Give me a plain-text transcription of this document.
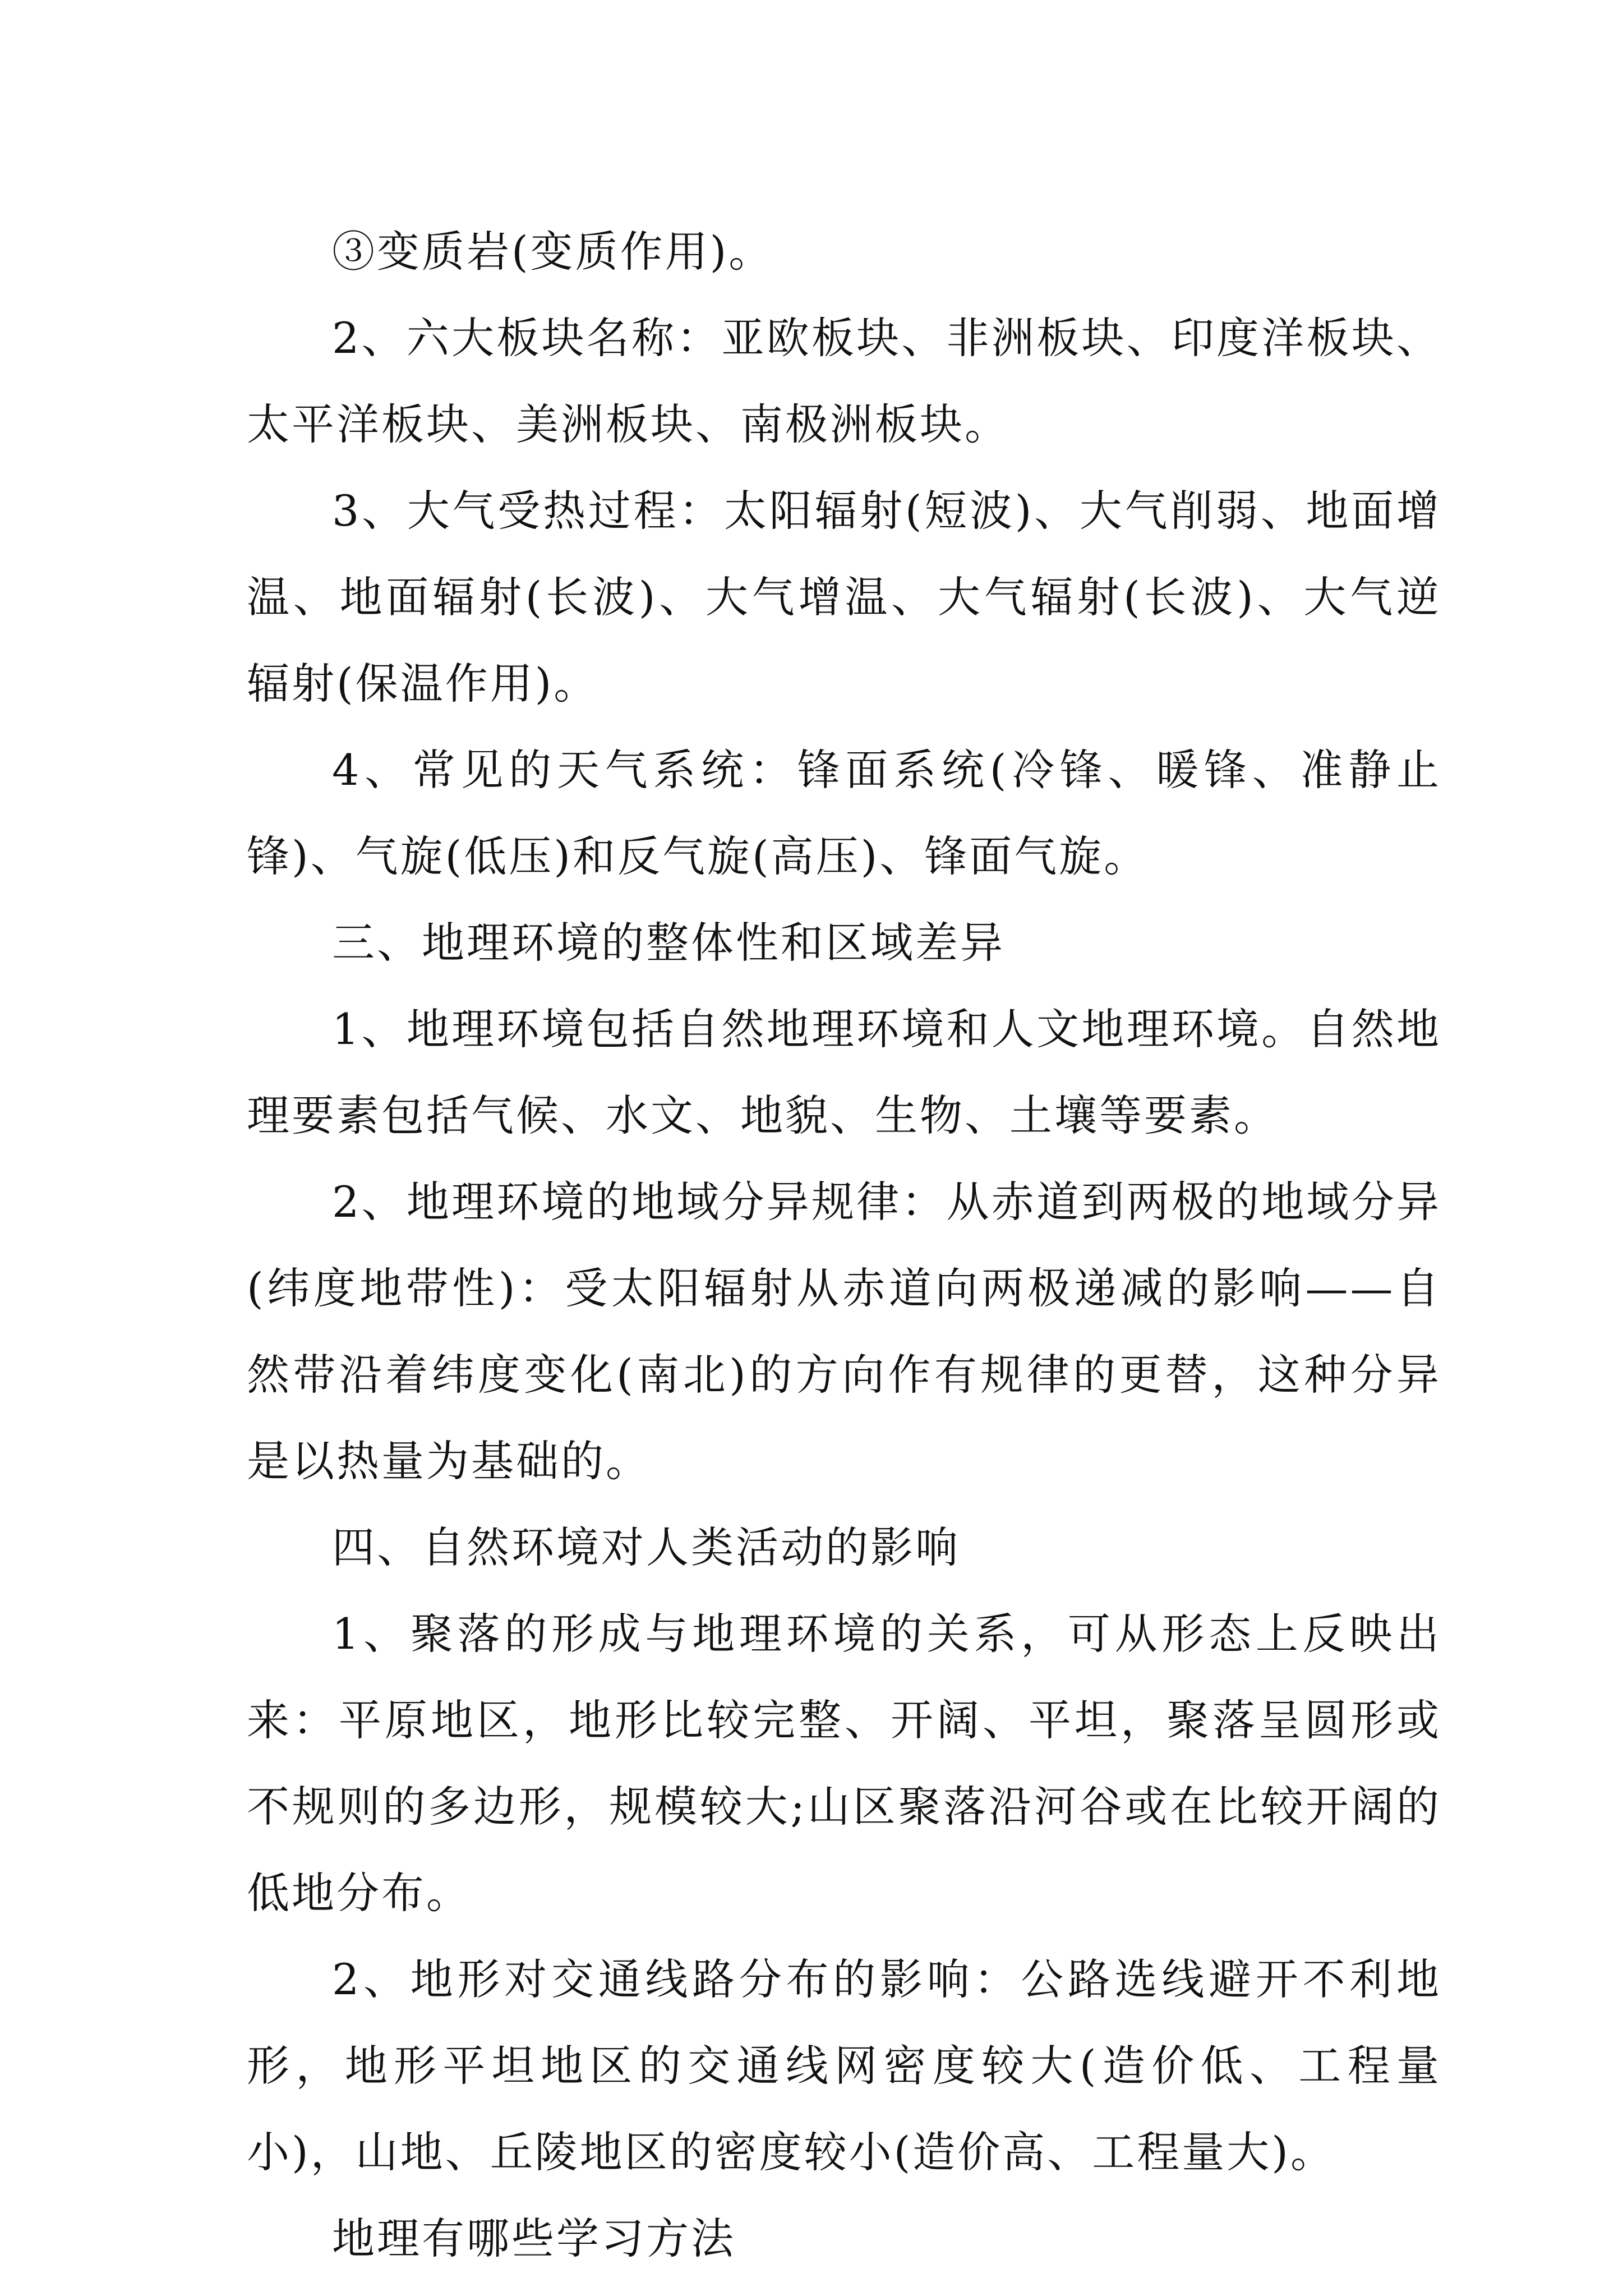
③变质岩(变质作用)。

2、六大板块名称：亚欧板块、非洲板块、印度洋板块、太平洋板块、美洲板块、南极洲板块。

3、大气受热过程：太阳辐射(短波)、大气削弱、地面增温、地面辐射(长波)、大气增温、大气辐射(长波)、大气逆辐射(保温作用)。

4、常见的天气系统：锋面系统(冷锋、暖锋、准静止锋)、气旋(低压)和反气旋(高压)、锋面气旋。

三、地理环境的整体性和区域差异

1、地理环境包括自然地理环境和人文地理环境。自然地理要素包括气候、水文、地貌、生物、土壤等要素。

2、地理环境的地域分异规律：从赤道到两极的地域分异(纬度地带性)：受太阳辐射从赤道向两极递减的影响——自然带沿着纬度变化(南北)的方向作有规律的更替，这种分异是以热量为基础的。

四、自然环境对人类活动的影响

1、聚落的形成与地理环境的关系，可从形态上反映出来：平原地区，地形比较完整、开阔、平坦，聚落呈圆形或不规则的多边形，规模较大;山区聚落沿河谷或在比较开阔的低地分布。

2、地形对交通线路分布的影响：公路选线避开不利地形，地形平坦地区的交通线网密度较大(造价低、工程量小)，山地、丘陵地区的密度较小(造价高、工程量大)。

地理有哪些学习方法
